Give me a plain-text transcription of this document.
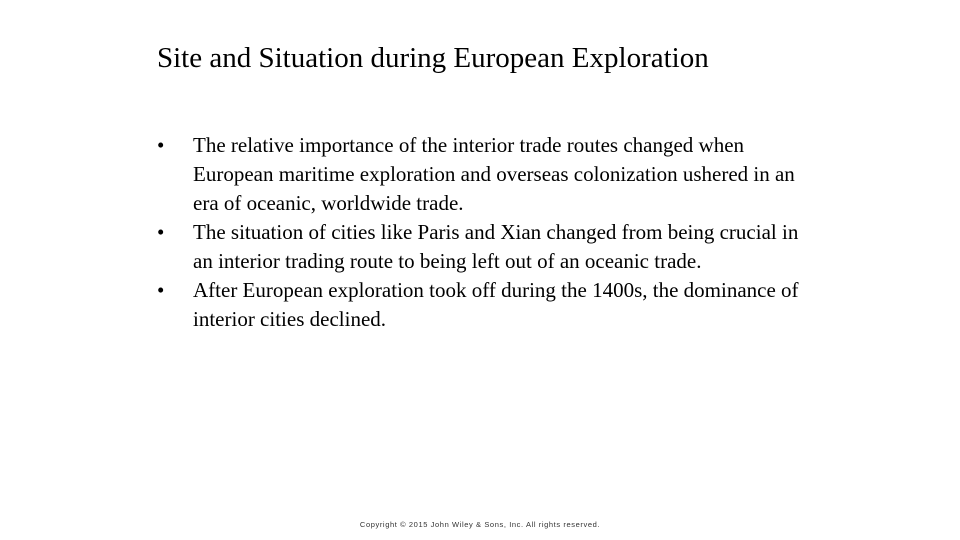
Site and Situation during European Exploration
•	The relative importance of the interior trade routes changed when European maritime exploration and overseas colonization ushered in an era of oceanic, worldwide trade.
•	The situation of cities like Paris and Xian changed from being crucial in an interior trading route to being left out of an oceanic trade.
•	After European exploration took off during the 1400s, the dominance of interior cities declined.
Copyright © 2015 John Wiley & Sons, Inc. All rights reserved.
